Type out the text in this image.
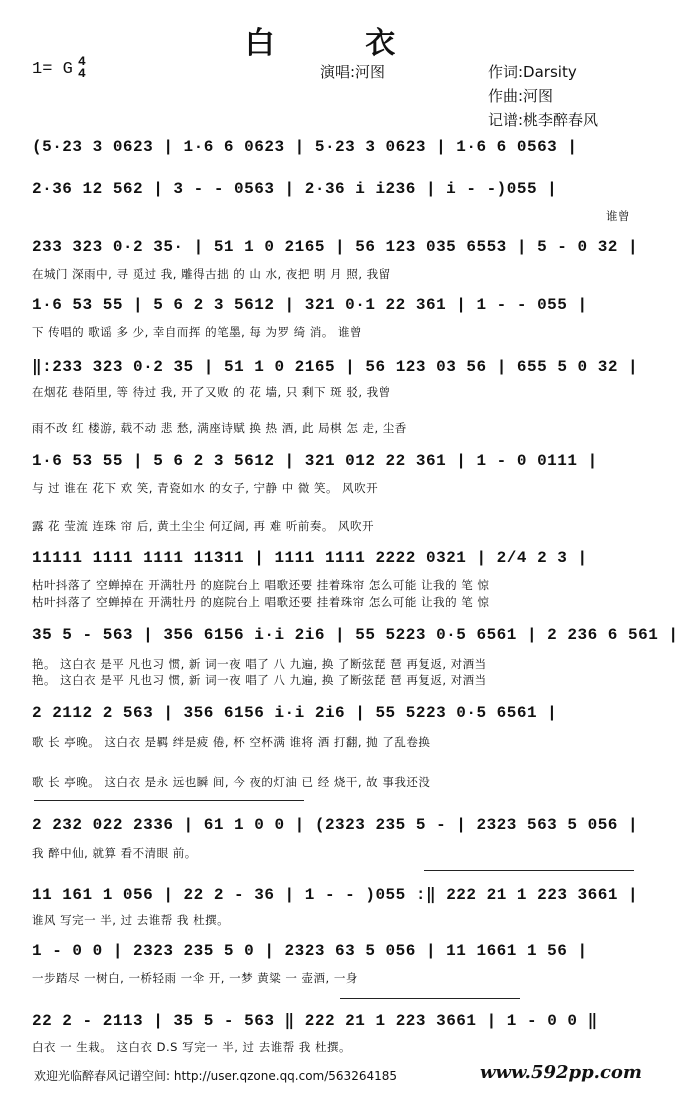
白 衣
1= G 4
4	演唱:河图	作词:Darsity
作曲:河图
记谱:桃李醉春风
(5·23 3 0623 | 1·6 6 0623 | 5·23 3 0623 | 1·6 6 0563 |
2·36 12 562 | 3 - - 0563 | 2·36 i i236 | i - -)055 |
谁曾
233 323 0·2 35· | 51 1 0 2165 | 56 123 035 6553 | 5 - 0 32 |
在城门 深雨中, 寻 觅过 我, 雕得古拙 的 山 水, 夜把 明 月 照, 我留
1·6 53 55 | 5 6 2 3 5612 | 321 0·1 22 361 | 1 - - 055 |
下 传唱的 歌谣 多 少, 幸自而挥 的笔墨, 每 为罗 绮 消。 谁曾
‖:233 323 0·2 35 | 51 1 0 2165 | 56 123 03 56 | 655 5 0 32 |
在烟花 巷陌里, 等 待过 我, 开了又败 的 花 墙, 只 剩下 斑 驳, 我曾
雨不改 红 楼游, 载不动 悲 愁, 满座诗赋 换 热 酒, 此 局棋 怎 走, 尘香
1·6 53 55 | 5 6 2 3 5612 | 321 012 22 361 | 1 - 0 0111 |
与 过 谁在 花下 欢 笑, 青瓷如水 的女子, 宁静 中 微 笑。 风吹开
露 花 莹流 连珠 帘 后, 黄土尘尘 何辽阔, 再 难 听前奏。 风吹开
11111 1111 1111 11311 | 1111 1111 2222 0321 | 2/4 2 3 |
枯叶抖落了 空蝉掉在 开满牡丹 的庭院台上 唱歌还要 挂着珠帘 怎么可能 让我的 笔 惊
枯叶抖落了 空蝉掉在 开满牡丹 的庭院台上 唱歌还要 挂着珠帘 怎么可能 让我的 笔 惊
35 5 - 563 | 356 6156 i·i 2i6 | 55 5223 0·5 6561 | 2 236 6 561 |
艳。 这白衣 是平 凡也习 惯, 新 词一夜 唱了 八 九遍, 换 了断弦琵 琶 再复返, 对酒当
艳。 这白衣 是平 凡也习 惯, 新 词一夜 唱了 八 九遍, 换 了断弦琵 琶 再复返, 对酒当
2 2112 2 563 | 356 6156 i·i 2i6 | 55 5223 0·5 6561 |
歌 长 亭晚。 这白衣 是羁 绊是疲 倦, 杯 空杯满 谁将 酒 打翻, 抛 了乱卷换
歌 长 亭晚。 这白衣 是永 远也瞬 间, 今 夜的灯油 已 经 烧干, 故 事我还没
2 232 022 2336 | 61 1 0 0 | (2323 235 5 - | 2323 563 5 056 |
我 醉中仙, 就算 看不清眼 前。
11 161 1 056 | 22 2 - 36 | 1 - - )055 :‖ 222 21 1 223 3661 |
谁风 写完一 半, 过 去谁帮 我 杜撰。
1 - 0 0 | 2323 235 5 0 | 2323 63 5 056 | 11 1661 1 56 |
一步踏尽 一树白, 一桥轻雨 一伞 开, 一梦 黄粱 一 壶酒, 一身
22 2 - 2113 | 35 5 - 563 ‖ 222 21 1 223 3661 | 1 - 0 0 ‖
白衣 一 生栽。 这白衣 D.S 写完一 半, 过 去谁帮 我 杜撰。
欢迎光临醉春风记谱空间: http://user.qzone.qq.com/563264185	www.592pp.com
